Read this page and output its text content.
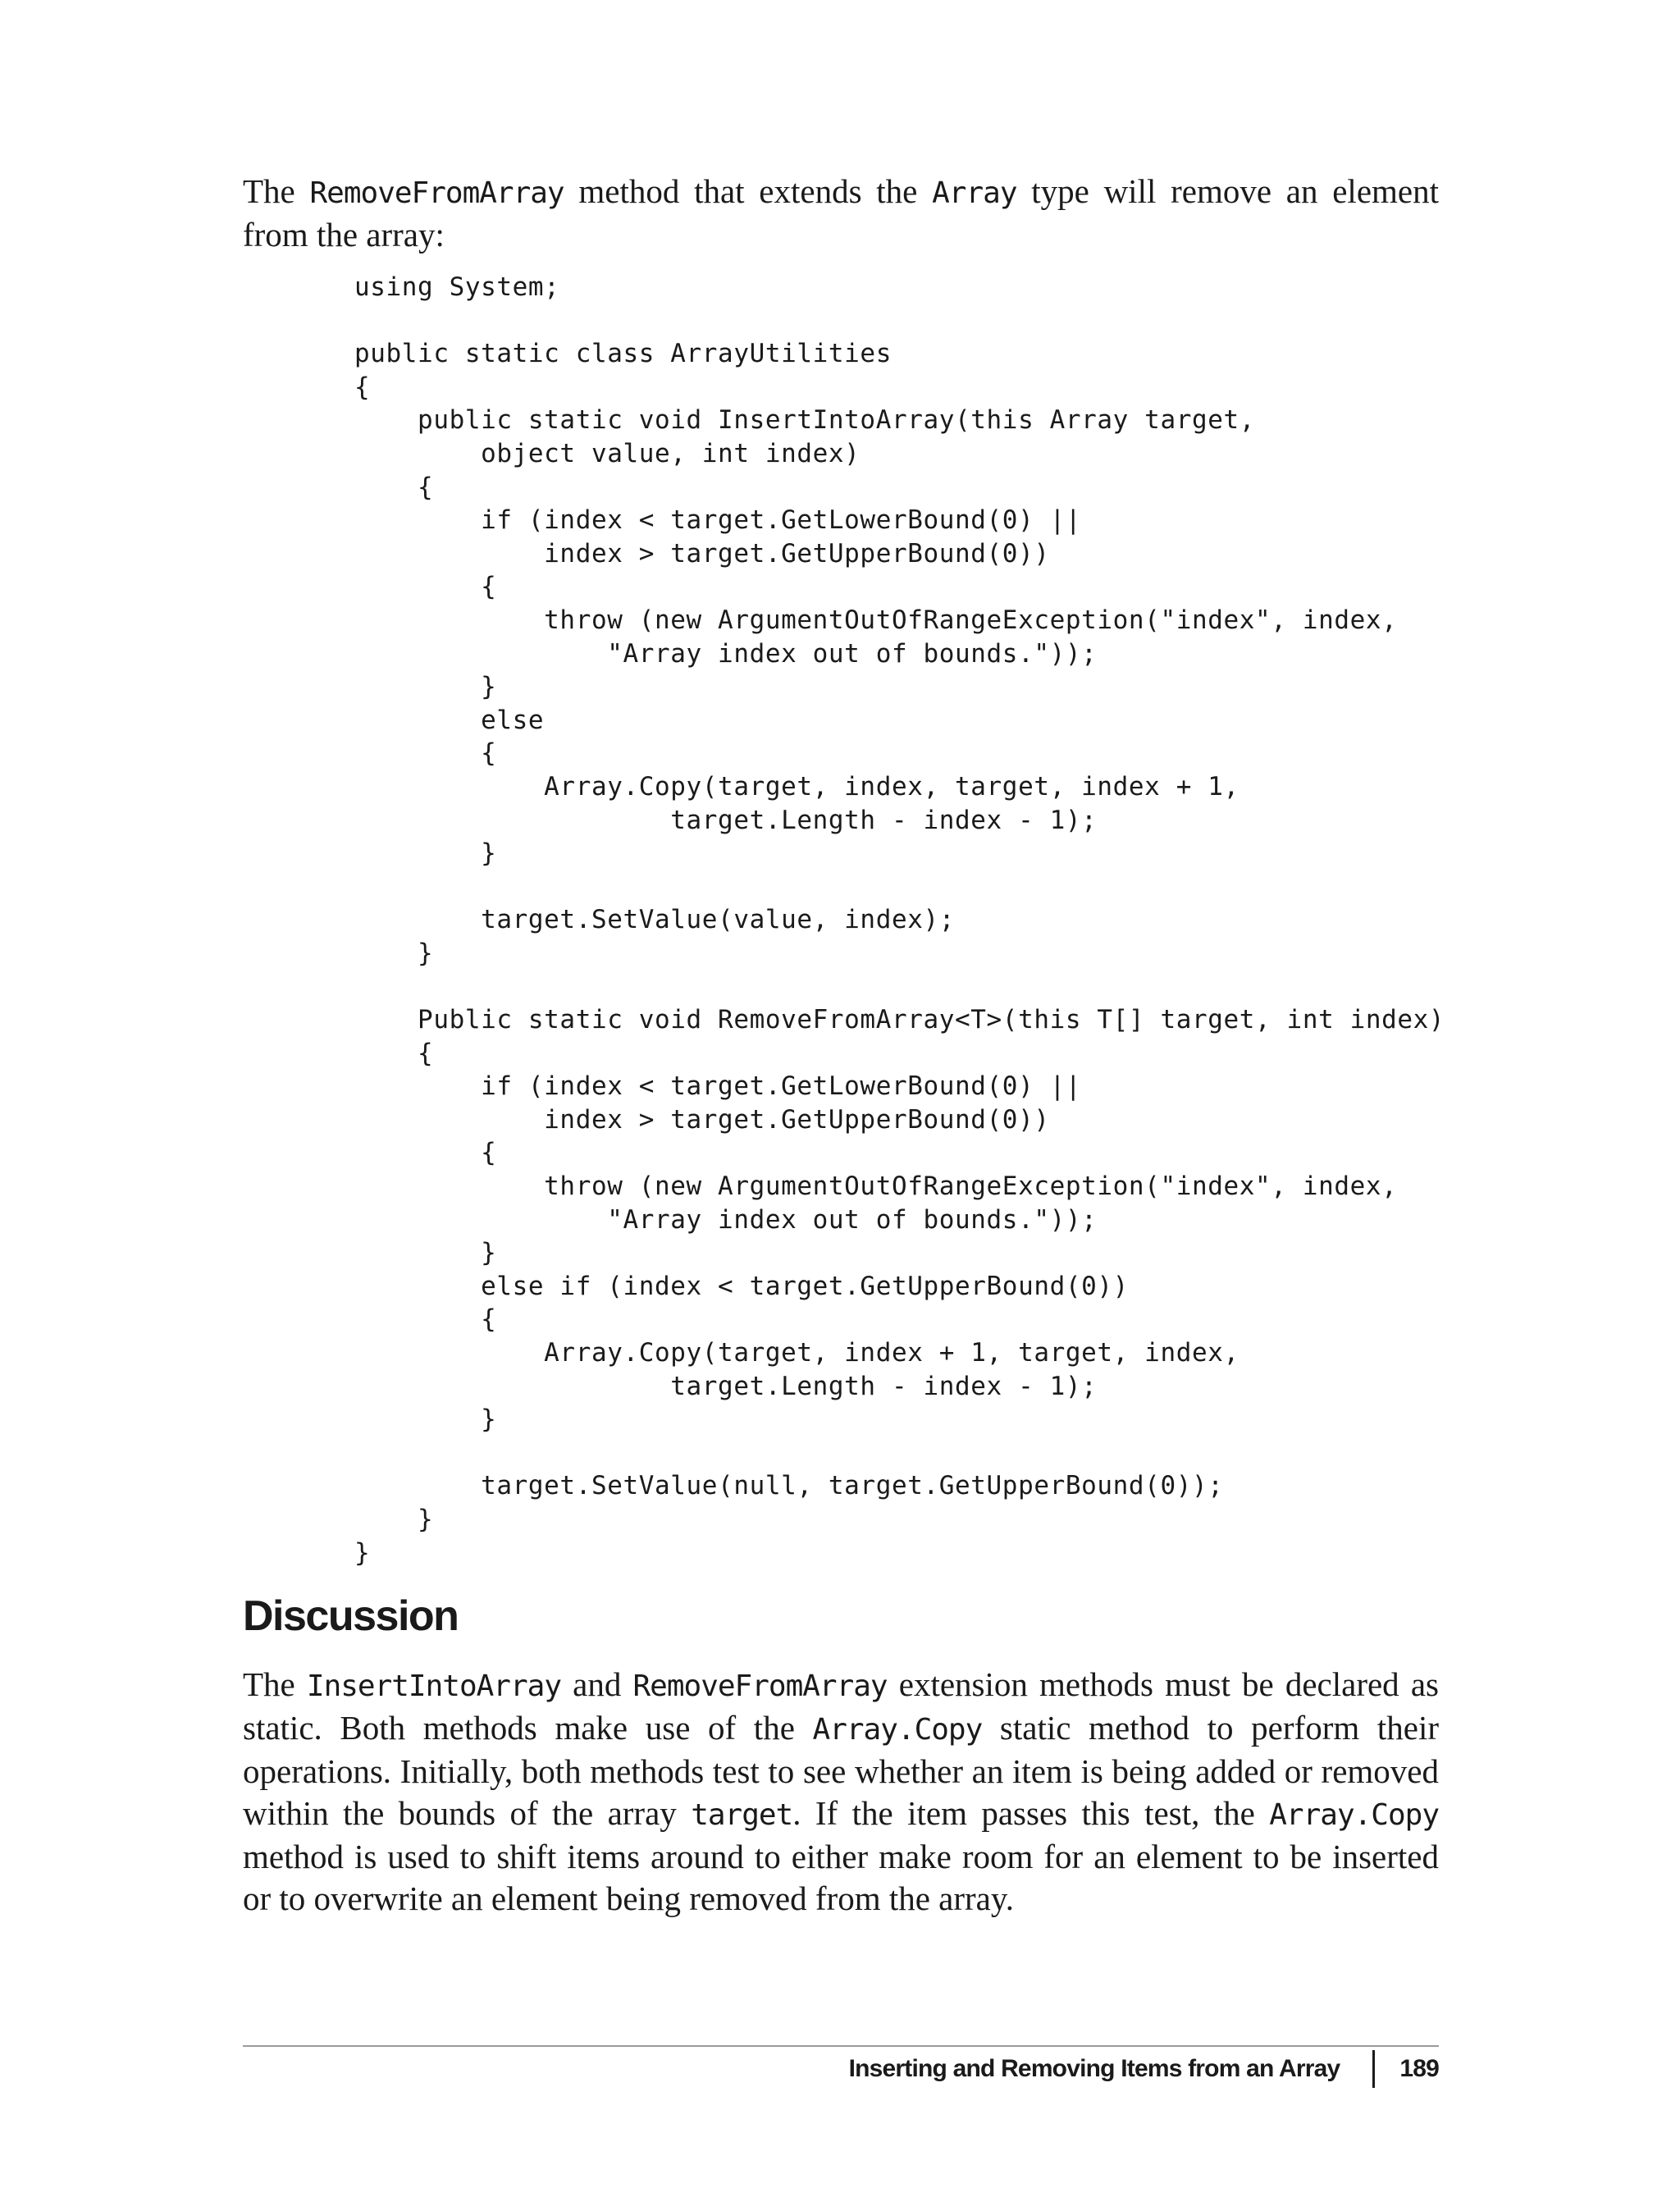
The RemoveFromArray method that extends the Array type will remove an element from the array:

using System;

public static class ArrayUtilities
{
public static void InsertIntoArray(this Array target,
object value, int index)
{
if (index < target.GetLowerBound(0) ||
index > target.GetUpperBound(0))
{
throw (new ArgumentOutOfRangeException("index", index,
"Array index out of bounds."));
}
else
{
Array.Copy(target, index, target, index + 1,
target.Length - index - 1);
}

target.SetValue(value, index);
}

Public static void RemoveFromArray<T>(this T[] target, int index)
{
if (index < target.GetLowerBound(0) ||
index > target.GetUpperBound(0))
{
throw (new ArgumentOutOfRangeException("index", index,
"Array index out of bounds."));
}
else if (index < target.GetUpperBound(0))
{
Array.Copy(target, index + 1, target, index,
target.Length - index - 1);
}

target.SetValue(null, target.GetUpperBound(0));
}
}
Discussion

The InsertIntoArray and RemoveFromArray extension methods must be declared as static. Both methods make use of the Array.Copy static method to perform their operations. Initially, both methods test to see whether an item is being added or removed within the bounds of the array target. If the item passes this test, the Array.Copy method is used to shift items around to either make room for an element to be inserted or to overwrite an element being removed from the array.

Inserting and Removing Items from an Array 189
